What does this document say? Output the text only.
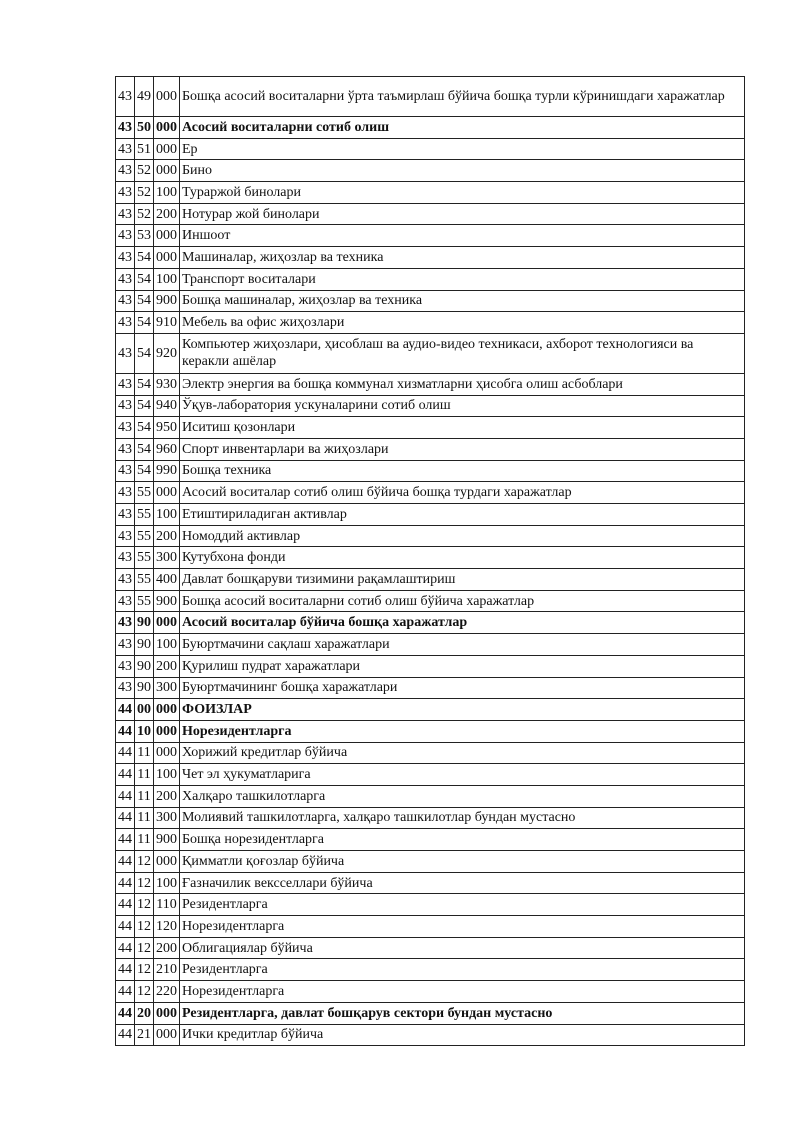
43	49	000	Бошқа асосий воситаларни ўрта таъмирлаш бўйича бошқа турли кўринишдаги харажатлар
43	50	000	Асосий воситаларни сотиб олиш
43	51	000	Ер
43	52	000	Бино
43	52	100	Тураржой бинолари
43	52	200	Нотурар жой бинолари
43	53	000	Иншоот
43	54	000	Машиналар, жиҳозлар ва техника
43	54	100	Транспорт воситалари
43	54	900	Бошқа машиналар, жиҳозлар ва техника
43	54	910	Мебель ва офис жиҳозлари
43	54	920	Компьютер жиҳозлари, ҳисоблаш ва аудио-видео техникаси, ахборот технологияси ва керакли ашёлар
43	54	930	Электр энергия ва бошқа коммунал хизматларни ҳисобга олиш асбоблари
43	54	940	Ўқув-лаборатория ускуналарини сотиб олиш
43	54	950	Иситиш қозонлари
43	54	960	Спорт инвентарлари ва жиҳозлари
43	54	990	Бошқа техника
43	55	000	Асосий воситалар сотиб олиш бўйича бошқа турдаги харажатлар
43	55	100	Етиштириладиган активлар
43	55	200	Номоддий активлар
43	55	300	Кутубхона фонди
43	55	400	Давлат бошқаруви тизимини рақамлаштириш
43	55	900	Бошқа асосий воситаларни сотиб олиш бўйича харажатлар
43	90	000	Асосий воситалар бўйича бошқа харажатлар
43	90	100	Буюртмачини сақлаш харажатлари
43	90	200	Қурилиш пудрат харажатлари
43	90	300	Буюртмачининг бошқа харажатлари
44	00	000	ФОИЗЛАР
44	10	000	Норезидентларга
44	11	000	Хорижий кредитлар бўйича
44	11	100	Чет эл ҳукуматларига
44	11	200	Халқаро ташкилотларга
44	11	300	Молиявий ташкилотларга, халқаро ташкилотлар бундан мустасно
44	11	900	Бошқа норезидентларга
44	12	000	Қимматли қоғозлар бўйича
44	12	100	Ғазначилик вексcеллари бўйича
44	12	110	Резидентларга
44	12	120	Норезидентларга
44	12	200	Облигациялар бўйича
44	12	210	Резидентларга
44	12	220	Норезидентларга
44	20	000	Резидентларга, давлат бошқарув сектори бундан мустасно
44	21	000	Ички кредитлар бўйича
